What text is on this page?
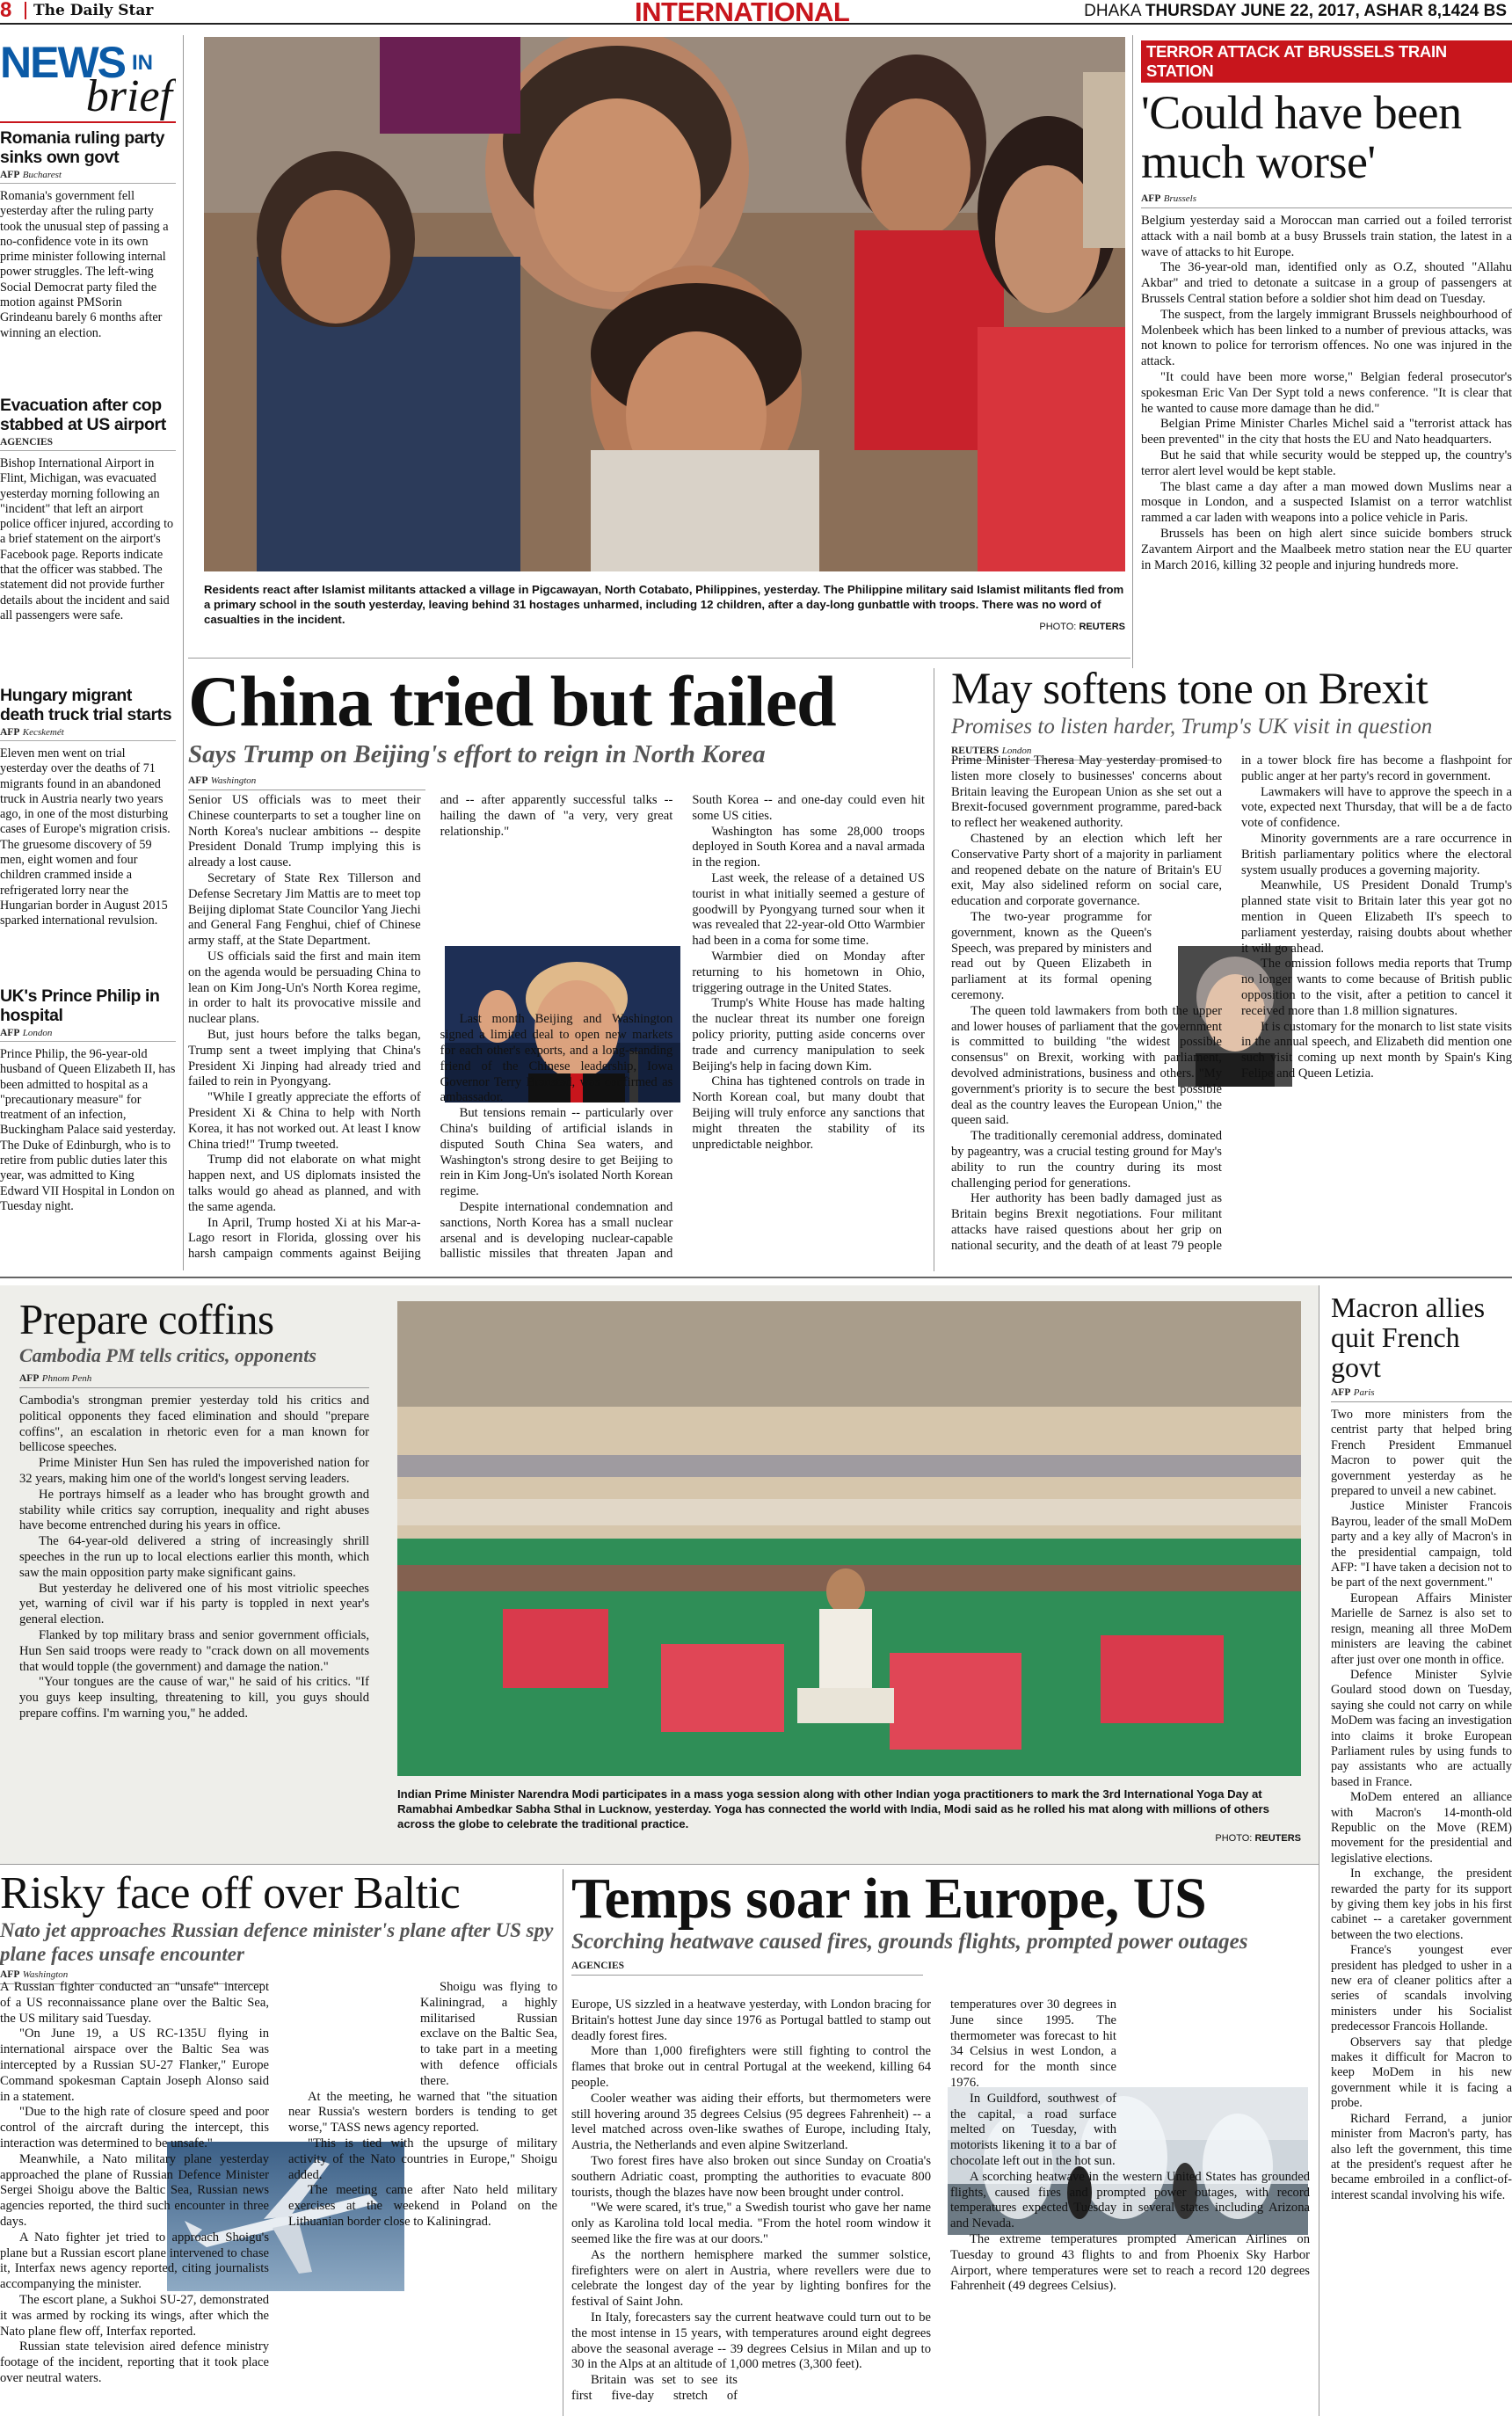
8	The Daily Star	INTERNATIONAL	DHAKA THURSDAY JUNE 22, 2017, ASHAR 8,1424 BS
NEWS IN
brief
Romania ruling party sinks own govt
AFP Bucharest
Romania's government fell yesterday after the ruling party took the unusual step of passing a no-confidence vote in its own prime minister following internal power struggles. The left-wing Social Democrat party filed the motion against PMSorin Grindeanu barely 6 months after winning an election.
Evacuation after cop stabbed at US airport
AGENCIES
Bishop International Airport in Flint, Michigan, was evacuated yesterday morning following an "incident" that left an airport police officer injured, according to a brief statement on the airport's Facebook page. Reports indicate that the officer was stabbed. The statement did not provide further details about the incident and said all passengers were safe.
Hungary migrant death truck trial starts
AFP Kecskemét
Eleven men went on trial yesterday over the deaths of 71 migrants found in an abandoned truck in Austria nearly two years ago, in one of the most disturbing cases of Europe's migration crisis. The gruesome discovery of 59 men, eight women and four children crammed inside a refrigerated lorry near the Hungarian border in August 2015 sparked international revulsion.
UK's Prince Philip in hospital
AFP London
Prince Philip, the 96-year-old husband of Queen Elizabeth II, has been admitted to hospital as a "precautionary measure" for treatment of an infection, Buckingham Palace said yesterday. The Duke of Edinburgh, who is to retire from public duties later this year, was admitted to King Edward VII Hospital in London on Tuesday night.
PHOTO: REUTERS
Residents react after Islamist militants attacked a village in Pigcawayan, North Cotabato, Philippines, yesterday. The Philippine military said Islamist militants fled from a primary school in the south yesterday, leaving behind 31 hostages unharmed, including 12 children, after a day-long gunbattle with troops. There was no word of casualties in the incident.
TERROR ATTACK AT BRUSSELS TRAIN STATION
'Could have been much worse'
AFP Brussels

Belgium yesterday said a Moroccan man carried out a foiled terrorist attack with a nail bomb at a busy Brussels train station, the latest in a wave of attacks to hit Europe.

The 36-year-old man, identified only as O.Z, shouted "Allahu Akbar" and tried to detonate a suitcase in a group of passengers at Brussels Central station before a soldier shot him dead on Tuesday.

The suspect, from the largely immigrant Brussels neighbourhood of Molenbeek which has been linked to a number of previous attacks, was not known to police for terrorism offences. No one was injured in the attack.

"It could have been more worse," Belgian federal prosecutor's spokesman Eric Van Der Sypt told a news conference. "It is clear that he wanted to cause more damage than he did."

Belgian Prime Minister Charles Michel said a "terrorist attack has been prevented" in the city that hosts the EU and Nato headquarters.

But he said that while security would be stepped up, the country's terror alert level would be kept stable.

The blast came a day after a man mowed down Muslims near a mosque in London, and a suspected Islamist on a terror watchlist rammed a car laden with weapons into a police vehicle in Paris.

Brussels has been on high alert since suicide bombers struck Zavantem Airport and the Maalbeek metro station near the EU quarter in March 2016, killing 32 people and injuring hundreds more.

China tried but failed
Says Trump on Beijing's effort to reign in North Korea
AFP Washington

Senior US officials was to meet their Chinese counterparts to set a tougher line on North Korea's nuclear ambitions -- despite President Donald Trump implying this is already a lost cause.

Secretary of State Rex Tillerson and Defense Secretary Jim Mattis are to meet top Beijing diplomat State Councilor Yang Jiechi and General Fang Fenghui, chief of Chinese army staff, at the State Department.

US officials said the first and main item on the agenda would be persuading China to lean on Kim Jong-Un's North Korea regime, in order to halt its provocative missile and nuclear plans.

But, just hours before the talks began, Trump sent a tweet implying that China's President Xi Jinping had already tried and failed to rein in Pyongyang.

"While I greatly appreciate the efforts of President Xi & China to help with North Korea, it has not worked out. At least I know China tried!" Trump tweeted.

Trump did not elaborate on what might happen next, and US diplomats insisted the talks would go ahead as planned, and with the same agenda.

In April, Trump hosted Xi at his Mar-a-Lago resort in Florida, glossing over his harsh campaign comments against Beijing and -- after apparently successful talks -- hailing the dawn of "a very, very great relationship."

Last month Beijing and Washington signed a limited deal to open new markets for each other's exports, and a long-standing friend of the Chinese leadership, Iowa Governor Terry Branstad, was confirmed as ambassador.

But tensions remain -- particularly over China's building of artificial islands in disputed South China Sea waters, and Washington's strong desire to get Beijing to rein in Kim Jong-Un's isolated North Korean regime.

Despite international condemnation and sanctions, North Korea has a small nuclear arsenal and is developing nuclear-capable ballistic missiles that threaten Japan and South Korea -- and one-day could even hit some US cities.

Washington has some 28,000 troops deployed in South Korea and a naval armada in the region.

Last week, the release of a detained US tourist in what initially seemed a gesture of goodwill by Pyongyang turned sour when it was revealed that 22-year-old Otto Warmbier had been in a coma for some time.

Warmbier died on Monday after returning to his hometown in Ohio, triggering outrage in the United States.

Trump's White House has made halting the nuclear threat its number one foreign policy priority, putting aside concerns over trade and currency manipulation to seek Beijing's help in facing down Kim.

China has tightened controls on trade in North Korean coal, but many doubt that Beijing will truly enforce any sanctions that might threaten the stability of its unpredictable neighbor.

May softens tone on Brexit
Promises to listen harder, Trump's UK visit in question
REUTERS London

Prime Minister Theresa May yesterday promised to listen more closely to businesses' concerns about Britain leaving the European Union as she set out a Brexit-focused government programme, pared-back to reflect her weakened authority.

Chastened by an election which left her Conservative Party short of a majority in parliament and reopened debate on the nature of Britain's EU exit, May also sidelined reform on social care, education and corporate governance.

The two-year programme for government, known as the Queen's Speech, was prepared by ministers and read out by Queen Elizabeth in parliament at its formal opening ceremony.

The queen told lawmakers from both the upper and lower houses of parliament that the government is committed to building "the widest possible consensus" on Brexit, working with parliament, devolved administrations, business and others. "My government's priority is to secure the best possible deal as the country leaves the European Union," the queen said.

The traditionally ceremonial address, dominated by pageantry, was a crucial testing ground for May's ability to run the country during its most challenging period for generations.

Her authority has been badly damaged just as Britain begins Brexit negotiations. Four militant attacks have raised questions about her grip on national security, and the death of at least 79 people in a tower block fire has become a flashpoint for public anger at her party's record in government.

Lawmakers will have to approve the speech in a vote, expected next Thursday, that will be a de facto vote of confidence.

Minority governments are a rare occurrence in British parliamentary politics where the electoral system usually produces a governing majority.

Meanwhile, US President Donald Trump's planned state visit to Britain later this year got no mention in Queen Elizabeth II's speech to parliament yesterday, raising doubts about whether it will go ahead.

The omission follows media reports that Trump no longer wants to come because of British public opposition to the visit, after a petition to cancel it received more than 1.8 million signatures.

It is customary for the monarch to list state visits in the annual speech, and Elizabeth did mention one such visit coming up next month by Spain's King Felipe and Queen Letizia.

Prepare coffins
Cambodia PM tells critics, opponents
AFP Phnom Penh

Cambodia's strongman premier yesterday told his critics and political opponents they faced elimination and should "prepare coffins", an escalation in rhetoric even for a man known for bellicose speeches.

Prime Minister Hun Sen has ruled the impoverished nation for 32 years, making him one of the world's longest serving leaders.

He portrays himself as a leader who has brought growth and stability while critics say corruption, inequality and right abuses have become entrenched during his years in office.

The 64-year-old delivered a string of increasingly shrill speeches in the run up to local elections earlier this month, which saw the main opposition party make significant gains.

But yesterday he delivered one of his most vitriolic speeches yet, warning of civil war if his party is toppled in next year's general election.

Flanked by top military brass and senior government officials, Hun Sen said troops were ready to "crack down on all movements that would topple (the government) and damage the nation."

"Your tongues are the cause of war," he said of his critics. "If you guys keep insulting, threatening to kill, you guys should prepare coffins. I'm warning you," he added.

PHOTO: REUTERS
Indian Prime Minister Narendra Modi participates in a mass yoga session along with other Indian yoga practitioners to mark the 3rd International Yoga Day at Ramabhai Ambedkar Sabha Sthal in Lucknow, yesterday. Yoga has connected the world with India, Modi said as he rolled his mat along with millions of others across the globe to celebrate the traditional practice.
Macron allies quit French govt
AFP Paris

Two more ministers from the centrist party that helped bring French President Emmanuel Macron to power quit the government yesterday as he prepared to unveil a new cabinet.

Justice Minister Francois Bayrou, leader of the small MoDem party and a key ally of Macron's in the presidential campaign, told AFP: "I have taken a decision not to be part of the next government."

European Affairs Minister Marielle de Sarnez is also set to resign, meaning all three MoDem ministers are leaving the cabinet after just over one month in office.

Defence Minister Sylvie Goulard stood down on Tuesday, saying she could not carry on while MoDem was facing an investigation into claims it broke European Parliament rules by using funds to pay assistants who are actually based in France.

MoDem entered an alliance with Macron's 14-month-old Republic on the Move (REM) movement for the presidential and legislative elections.

In exchange, the president rewarded the party for its support by giving them key jobs in his first cabinet -- a caretaker government between the two elections.

France's youngest ever president has pledged to usher in a new era of cleaner politics after a series of scandals involving ministers under his Socialist predecessor Francois Hollande.

Observers say that pledge makes it difficult for Macron to keep MoDem in his new government while it is facing a probe.

Richard Ferrand, a junior minister from Macron's party, has also left the government, this time at the president's request after he became embroiled in a conflict-of-interest scandal involving his wife.

Risky face off over Baltic
Nato jet approaches Russian defence minister's plane after US spy plane faces unsafe encounter
AFP Washington

A Russian fighter conducted an "unsafe" intercept of a US reconnaissance plane over the Baltic Sea, the US military said Tuesday.

"On June 19, a US RC-135U flying in international airspace over the Baltic Sea was intercepted by a Russian SU-27 Flanker," Europe Command spokesman Captain Joseph Alonso said in a statement.

"Due to the high rate of closure speed and poor control of the aircraft during the intercept, this interaction was determined to be unsafe."

Meanwhile, a Nato military plane yesterday approached the plane of Russian Defence Minister Sergei Shoigu above the Baltic Sea, Russian news agencies reported, the third such encounter in three days.

A Nato fighter jet tried to approach Shoigu's plane but a Russian escort plane intervened to chase it, Interfax news agency reported, citing journalists accompanying the minister.

The escort plane, a Sukhoi SU-27, demonstrated it was armed by rocking its wings, after which the Nato plane flew off, Interfax reported.

Russian state television aired defence ministry footage of the incident, reporting that it took place over neutral waters.

Shoigu was flying to Kaliningrad, a highly militarised Russian exclave on the Baltic Sea, to take part in a meeting with defence officials there.

At the meeting, he warned that "the situation near Russia's western borders is tending to get worse," TASS news agency reported.

"This is tied with the upsurge of military activity of the Nato countries in Europe," Shoigu added.

The meeting came after Nato held military exercises at the weekend in Poland on the Lithuanian border close to Kaliningrad.

Temps soar in Europe, US
Scorching heatwave caused fires, grounds flights, prompted power outages
AGENCIES

Europe, US sizzled in a heatwave yesterday, with London bracing for Britain's hottest June day since 1976 as Portugal battled to stamp out deadly forest fires.

More than 1,000 firefighters were still fighting to control the flames that broke out in central Portugal at the weekend, killing 64 people.

Cooler weather was aiding their efforts, but thermometers were still hovering around 35 degrees Celsius (95 degrees Fahrenheit) -- a level matched across oven-like swathes of Europe, including Italy, Austria, the Netherlands and even alpine Switzerland.

Two forest fires have also broken out since Sunday on Croatia's southern Adriatic coast, prompting the authorities to evacuate 800 tourists, though the blazes have now been brought under control.

"We were scared, it's true," a Swedish tourist who gave her name only as Karolina told local media. "From the hotel room window it seemed like the fire was at our doors."

As the northern hemisphere marked the summer solstice, firefighters were on alert in Austria, where revellers were due to celebrate the longest day of the year by lighting bonfires for the festival of Saint John.

In Italy, forecasters say the current heatwave could turn out to be the most intense in 15 years, with temperatures around eight degrees above the seasonal average -- 39 degrees Celsius in Milan and up to 30 in the Alps at an altitude of 1,000 metres (3,300 feet).

Britain was set to see its first five-day stretch of temperatures over 30 degrees in June since 1995. The thermometer was forecast to hit 34 Celsius in west London, a record for the month since 1976.

In Guildford, southwest of the capital, a road surface melted on Tuesday, with motorists likening it to a bar of chocolate left out in the hot sun.

A scorching heatwave in the western United States has grounded flights, caused fires and prompted power outages, with record temperatures expected Tuesday in several states including Arizona and Nevada.

The extreme temperatures prompted American Airlines on Tuesday to ground 43 flights to and from Phoenix Sky Harbor Airport, where temperatures were set to reach a record 120 degrees Fahrenheit (49 degrees Celsius).
